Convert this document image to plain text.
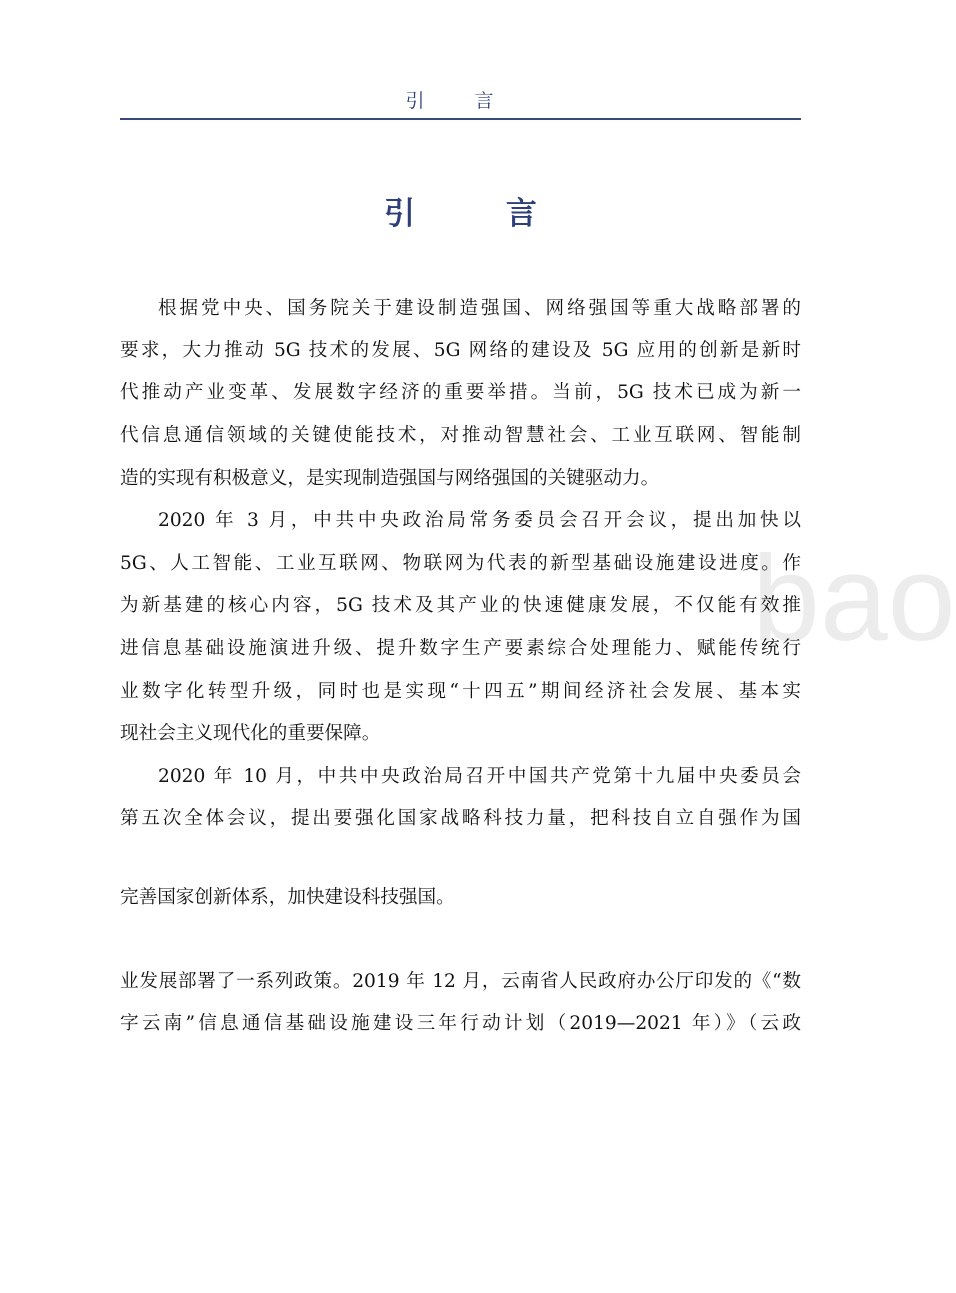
引 言
引 言
bao
根据党中央、国务院关于建设制造强国、网络强国等重大战略部署的
要求，大力推动 5G 技术的发展、5G 网络的建设及 5G 应用的创新是新时
代推动产业变革、发展数字经济的重要举措。当前，5G 技术已成为新一
代信息通信领域的关键使能技术，对推动智慧社会、工业互联网、智能制
造的实现有积极意义，是实现制造强国与网络强国的关键驱动力。
2020 年 3 月，中共中央政治局常务委员会召开会议，提出加快以
5G、人工智能、工业互联网、物联网为代表的新型基础设施建设进度。作
为新基建的核心内容，5G 技术及其产业的快速健康发展，不仅能有效推
进信息基础设施演进升级、提升数字生产要素综合处理能力、赋能传统行
业数字化转型升级，同时也是实现“十四五”期间经济社会发展、基本实
现社会主义现代化的重要保障。
2020 年 10 月，中共中央政治局召开中国共产党第十九届中央委员会
第五次全体会议，提出要强化国家战略科技力量，把科技自立自强作为国
完善国家创新体系，加快建设科技强国。
业发展部署了一系列政策。2019 年 12 月，云南省人民政府办公厅印发的《“数
字云南”信息通信基础设施建设三年行动计划（2019—2021 年）》（云政
